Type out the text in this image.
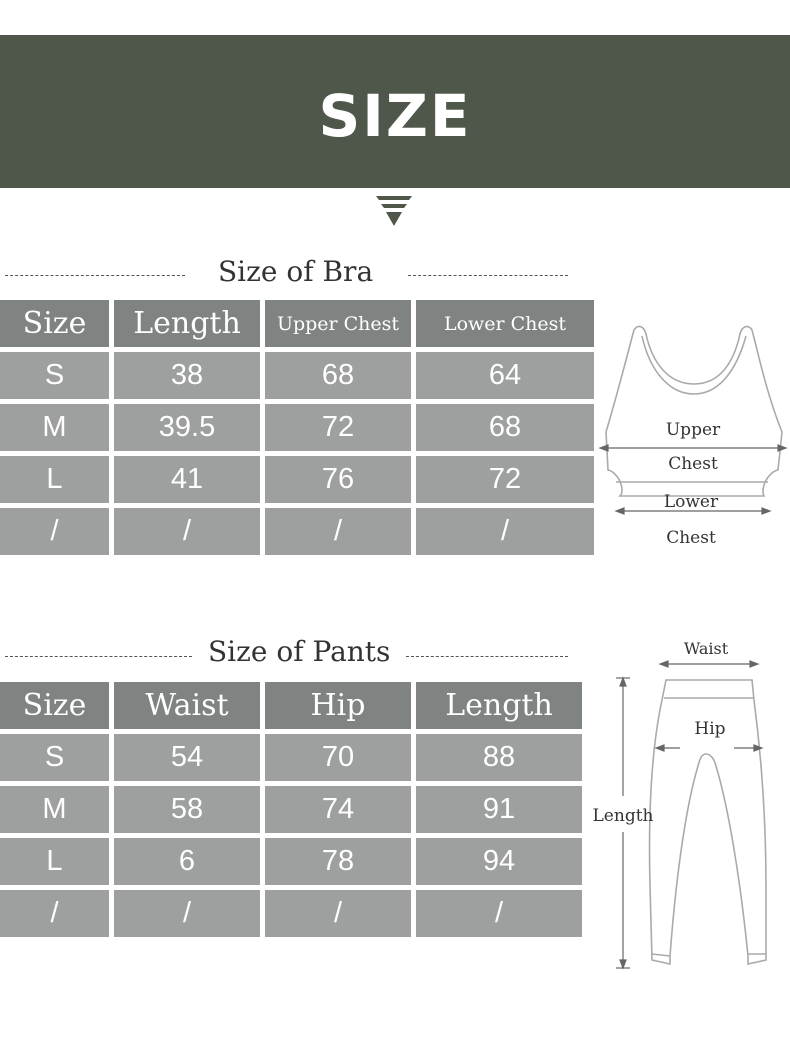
SIZE
Size of Bra
Size	Length	Upper Chest	Lower Chest
S	38	68	64
M	39.5	72	68
L	41	76	72
/	/	/	/
Upper
Chest
Lower
Chest
Size of Pants
Size	Waist	Hip	Length
S	54	70	88
M	58	74	91
L	6	78	94
/	/	/	/
Waist
Hip
Length
